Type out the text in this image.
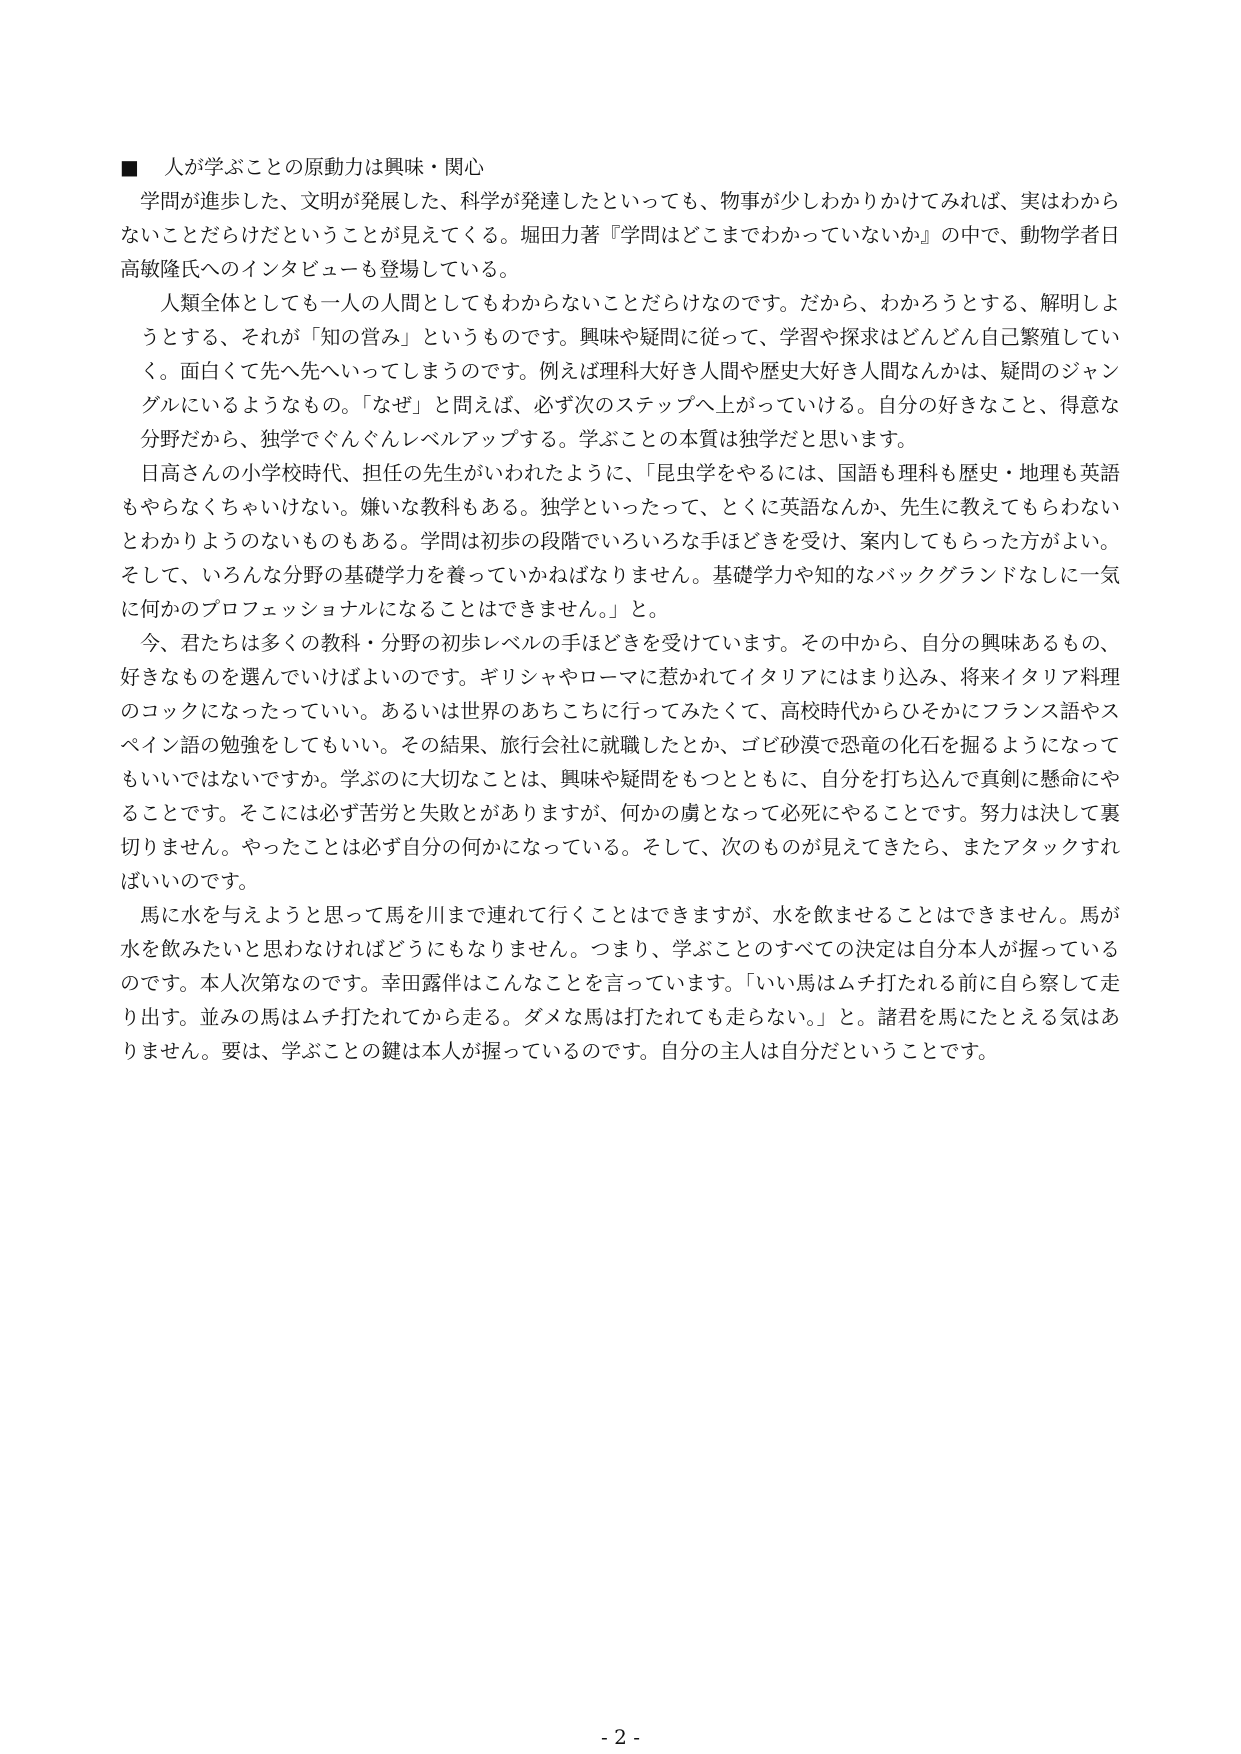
■ 人が学ぶことの原動力は興味・関心

学問が進歩した、文明が発展した、科学が発達したといっても、物事が少しわかりかけてみれば、実はわからないことだらけだということが見えてくる。堀田力著『学問はどこまでわかっていないか』の中で、動物学者日高敏隆氏へのインタビューも登場している。

人類全体としても一人の人間としてもわからないことだらけなのです。だから、わかろうとする、解明しようとする、それが「知の営み」というものです。興味や疑問に従って、学習や探求はどんどん自己繁殖していく。面白くて先へ先へいってしまうのです。例えば理科大好き人間や歴史大好き人間なんかは、疑問のジャングルにいるようなもの。「なぜ」と問えば、必ず次のステップへ上がっていける。自分の好きなこと、得意な分野だから、独学でぐんぐんレベルアップする。学ぶことの本質は独学だと思います。

日高さんの小学校時代、担任の先生がいわれたように、「昆虫学をやるには、国語も理科も歴史・地理も英語もやらなくちゃいけない。嫌いな教科もある。独学といったって、とくに英語なんか、先生に教えてもらわないとわかりようのないものもある。学問は初歩の段階でいろいろな手ほどきを受け、案内してもらった方がよい。そして、いろんな分野の基礎学力を養っていかねばなりません。基礎学力や知的なバックグランドなしに一気に何かのプロフェッショナルになることはできません。」と。

今、君たちは多くの教科・分野の初歩レベルの手ほどきを受けています。その中から、自分の興味あるもの、好きなものを選んでいけばよいのです。ギリシャやローマに惹かれてイタリアにはまり込み、将来イタリア料理のコックになったっていい。あるいは世界のあちこちに行ってみたくて、高校時代からひそかにフランス語やスペイン語の勉強をしてもいい。その結果、旅行会社に就職したとか、ゴビ砂漠で恐竜の化石を掘るようになってもいいではないですか。学ぶのに大切なことは、興味や疑問をもつとともに、自分を打ち込んで真剣に懸命にやることです。そこには必ず苦労と失敗とがありますが、何かの虜となって必死にやることです。努力は決して裏切りません。やったことは必ず自分の何かになっている。そして、次のものが見えてきたら、またアタックすればいいのです。

馬に水を与えようと思って馬を川まで連れて行くことはできますが、水を飲ませることはできません。馬が水を飲みたいと思わなければどうにもなりません。つまり、学ぶことのすべての決定は自分本人が握っているのです。本人次第なのです。幸田露伴はこんなことを言っています。「いい馬はムチ打たれる前に自ら察して走り出す。並みの馬はムチ打たれてから走る。ダメな馬は打たれても走らない。」と。諸君を馬にたとえる気はありません。要は、学ぶことの鍵は本人が握っているのです。自分の主人は自分だということです。

- 2 -
